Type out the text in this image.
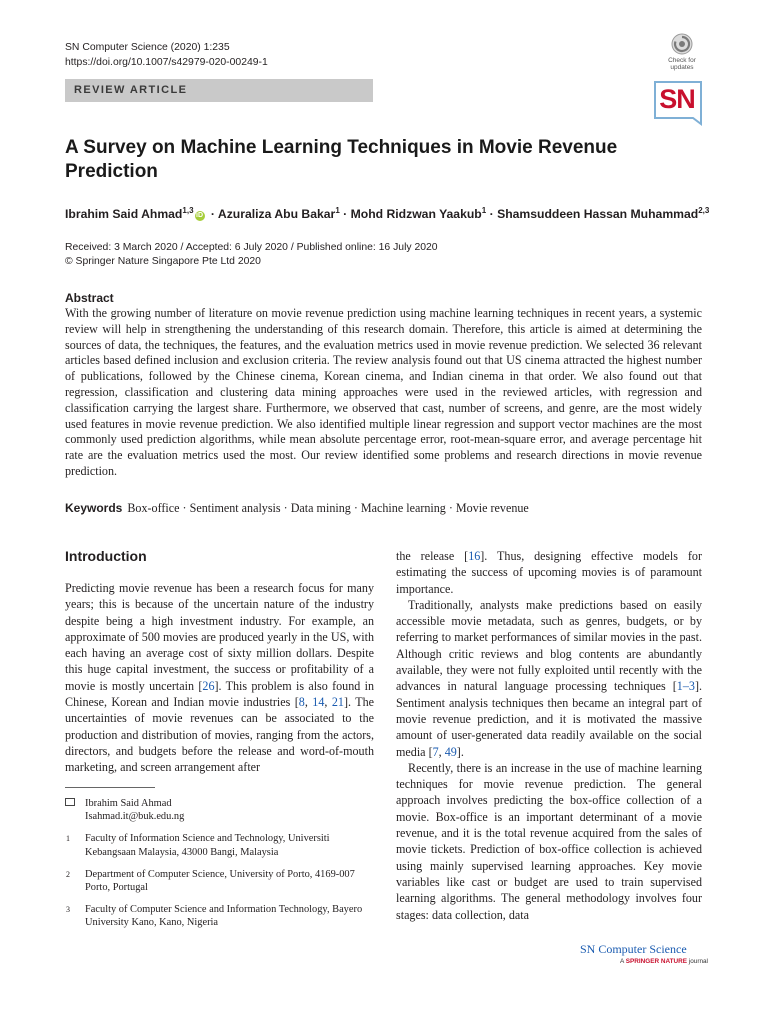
SN Computer Science (2020) 1:235
https://doi.org/10.1007/s42979-020-00249-1
REVIEW ARTICLE
Check for updates
SN
A Survey on Machine Learning Techniques in Movie Revenue Prediction
Ibrahim Said Ahmad$^{1,3}$iD · Azuraliza Abu Bakar$^1$ · Mohd Ridzwan Yaakub$^1$ · Shamsuddeen Hassan Muhammad$^{2,3}$
Received: 3 March 2020 / Accepted: 6 July 2020 / Published online: 16 July 2020
© Springer Nature Singapore Pte Ltd 2020
Abstract
With the growing number of literature on movie revenue prediction using machine learning techniques in recent years, a systemic review will help in strengthening the understanding of this research domain. Therefore, this article is aimed at determining the sources of data, the techniques, the features, and the evaluation metrics used in movie revenue prediction. We selected 36 relevant articles based defined inclusion and exclusion criteria. The review analysis found out that US cinema attracted the highest number of publications, followed by the Chinese cinema, Korean cinema, and Indian cinema in that order. We also found out that regression, classification and clustering data mining approaches were used in the reviewed articles, with regression and classification carrying the largest share. Furthermore, we observed that cast, number of screens, and genre, are the most widely used features in movie revenue prediction. We also identified multiple linear regression and support vector machines are the most commonly used prediction algorithms, while mean absolute percentage error, root-mean-square error, and average percentage hit rate are the evaluation metrics used the most. Our review identified some problems and research directions in movie revenue prediction.
Keywords Box-office · Sentiment analysis · Data mining · Machine learning · Movie revenue
Introduction

Predicting movie revenue has been a research focus for many years; this is because of the uncertain nature of the industry despite being a high investment industry. For example, an approximate of 500 movies are produced yearly in the US, with each having an average cost of sixty million dollars. Despite this huge capital investment, the success or profitability of a movie is mostly uncertain [26]. This problem is also found in Chinese, Korean and Indian movie industries [8, 14, 21]. The uncertainties of movie revenues can be associated to the production and distribution of movies, ranging from the actors, directors, and budgets before the release and word-of-mouth marketing, and screen arrangement after

the release [16]. Thus, designing effective models for estimating the success of upcoming movies is of paramount importance.

Traditionally, analysts make predictions based on easily accessible movie metadata, such as genres, budgets, or by referring to market performances of similar movies in the past. Although critic reviews and blog contents are abundantly available, they were not fully exploited until recently with the advances in natural language processing techniques [1–3]. Sentiment analysis techniques then became an integral part of movie revenue prediction, and it is motivated the massive amount of user-generated data readily available on the social media [7, 49].

Recently, there is an increase in the use of machine learning techniques for movie revenue prediction. The general approach involves predicting the box-office collection of a movie. Box-office is an important determinant of a movie revenue, and it is the total revenue acquired from the sales of movie tickets. Prediction of box-office collection is achieved using mainly supervised learning approaches. Key movie variables like cast or budget are used to train supervised learning algorithms. The general methodology involves four stages: data collection, data

Ibrahim Said Ahmad
Isahmad.it@buk.edu.ng
1 Faculty of Information Science and Technology, Universiti Kebangsaan Malaysia, 43000 Bangi, Malaysia
2 Department of Computer Science, University of Porto, 4169-007 Porto, Portugal
3 Faculty of Computer Science and Information Technology, Bayero University Kano, Kano, Nigeria
SN Computer Science
A SPRINGER NATURE journal
